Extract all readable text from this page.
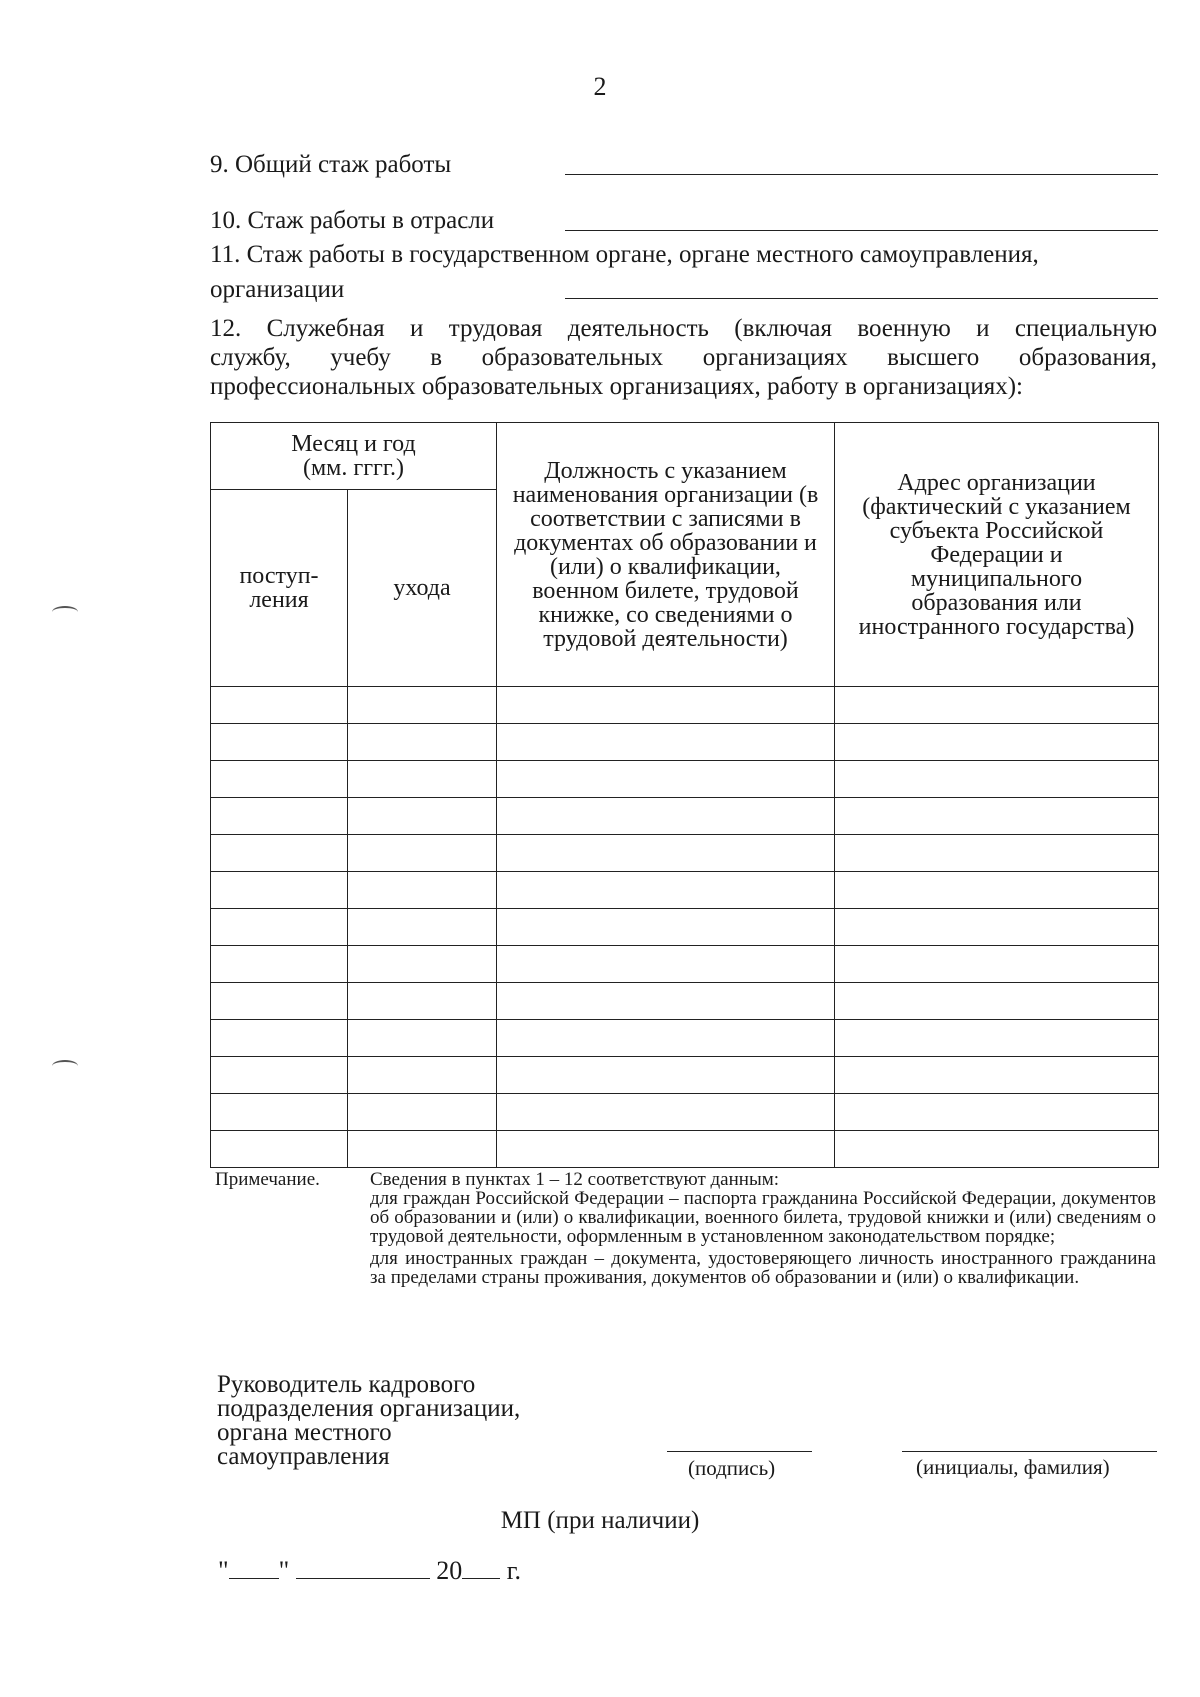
2
9. Общий стаж работы
10. Стаж работы в отрасли
11. Стаж работы в государственном органе, органе местного самоуправления,
организации
12. Служебная и трудовая деятельность (включая военную и специальную
службу, учебу в образовательных организациях высшего образования,
профессиональных образовательных организациях, работу в организациях):
Месяц и год (мм. гггг.)		Должность с указанием наименования организации (в соответствии с записями в документах об образовании и (или) о квалификации, военном билете, трудовой книжке, со сведениями о трудовой деятельности)	Адрес организации (фактический с указанием субъекта Российской Федерации и муниципального образования или иностранного государства)

поступ- ления	ухода		

Примечание.	Сведения в пунктах 1 – 12 соответствуют данным:

для граждан Российской Федерации – паспорта гражданина Российской Федерации, документов об образовании и (или) о квалификации, военного билета, трудовой книжки и (или) сведениям о трудовой деятельности, оформленным в установленном законодательством порядке;

для иностранных граждан – документа, удостоверяющего личность иностранного гражданина за пределами страны проживания, документов об образовании и (или) о квалификации.

Руководитель кадрового
подразделения организации,
органа местного
самоуправления	(подпись)	(инициалы, фамилия)
МП (при наличии)
" "	20 г.
